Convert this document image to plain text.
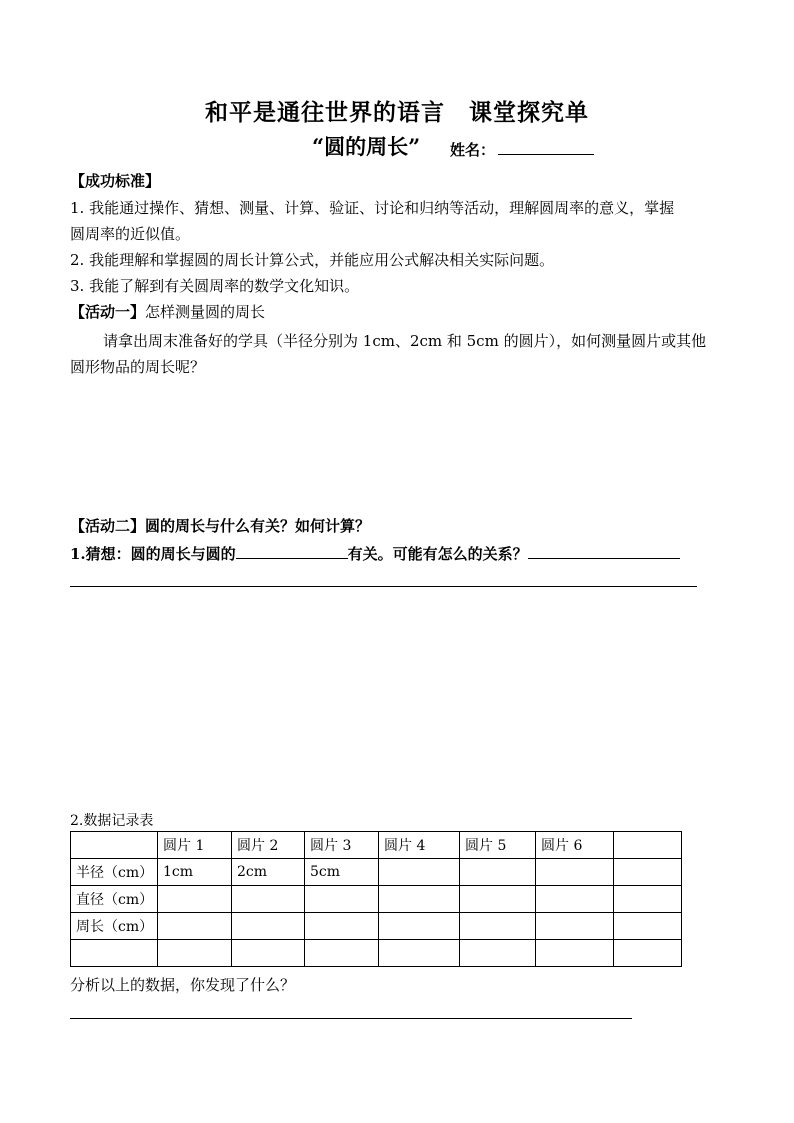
和平是通往世界的语言　课堂探究单
“圆的周长” 姓名：
【成功标准】
1. 我能通过操作、猜想、测量、计算、验证、讨论和归纳等活动，理解圆周率的意义，掌握
圆周率的近似值。
2. 我能理解和掌握圆的周长计算公式，并能应用公式解决相关实际问题。
3. 我能了解到有关圆周率的数学文化知识。
【活动一】怎样测量圆的周长
请拿出周末准备好的学具（半径分别为 1cm、2cm 和 5cm 的圆片），如何测量圆片或其他
圆形物品的周长呢？
【活动二】圆的周长与什么有关？如何计算？
1.猜想：圆的周长与圆的	有关。可能有怎么的关系？
2.数据记录表
	圆片 1	圆片 2	圆片 3	圆片 4	圆片 5	圆片 6	
半径（cm）	1cm	2cm	5cm				
直径（cm）							
周长（cm）							

分析以上的数据，你发现了什么？
